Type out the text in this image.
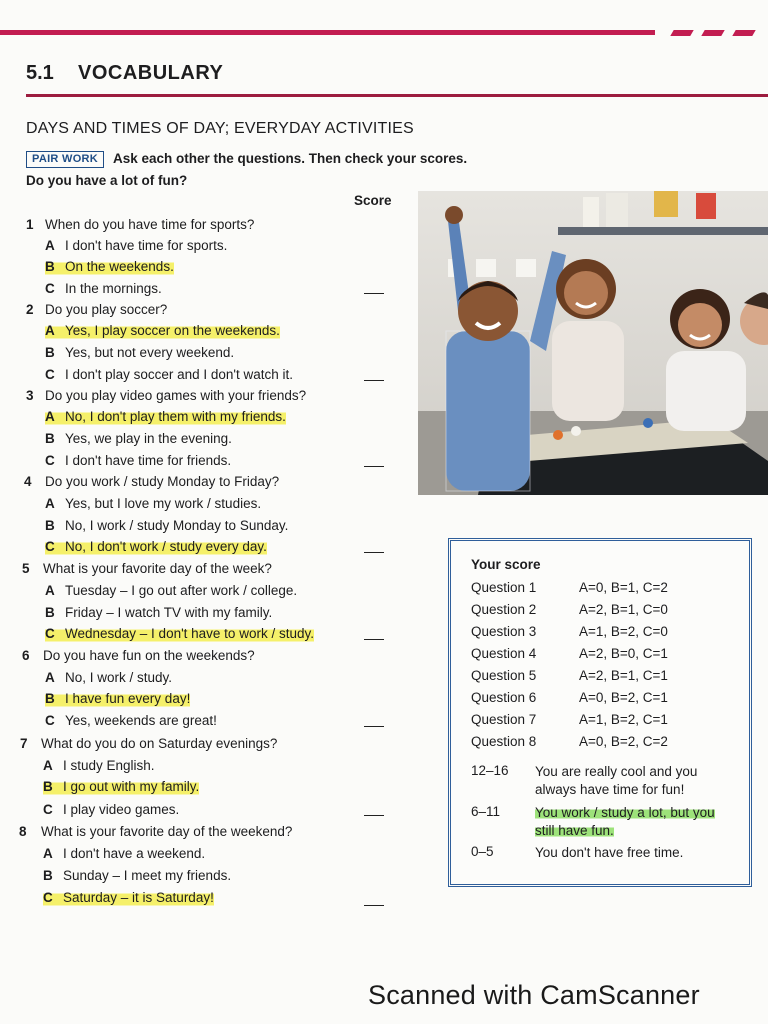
5.1 VOCABULARY
DAYS AND TIMES OF DAY; EVERYDAY ACTIVITIES
PAIR WORK	Ask each other the questions. Then check your scores.
Do you have a lot of fun?
Score
1 When do you have time for sports?
A I don't have time for sports.
B On the weekends.
C In the mornings.
2 Do you play soccer?
A Yes, I play soccer on the weekends.
B Yes, but not every weekend.
C I don't play soccer and I don't watch it.
3 Do you play video games with your friends?
A No, I don't play them with my friends.
B Yes, we play in the evening.
C I don't have time for friends.
4 Do you work / study Monday to Friday?
A Yes, but I love my work / studies.
B No, I work / study Monday to Sunday.
C No, I don't work / study every day.
5 What is your favorite day of the week?
A Tuesday – I go out after work / college.
B Friday – I watch TV with my family.
C Wednesday – I don't have to work / study.
6 Do you have fun on the weekends?
A No, I work / study.
B I have fun every day!
C Yes, weekends are great!
7 What do you do on Saturday evenings?
A I study English.
B I go out with my family.
C I play video games.
8 What is your favorite day of the weekend?
A I don't have a weekend.
B Sunday – I meet my friends.
C Saturday – it is Saturday!
Your score
Question 1	A=0, B=1, C=2
Question 2	A=2, B=1, C=0
Question 3	A=1, B=2, C=0
Question 4	A=2, B=0, C=1
Question 5	A=2, B=1, C=1
Question 6	A=0, B=2, C=1
Question 7	A=1, B=2, C=1
Question 8	A=0, B=2, C=2
12–16 You are really cool and you always have time for fun!
6–11	You work / study a lot, but you still have fun.
0–5	You don't have free time.
Scanned with CamScanner
